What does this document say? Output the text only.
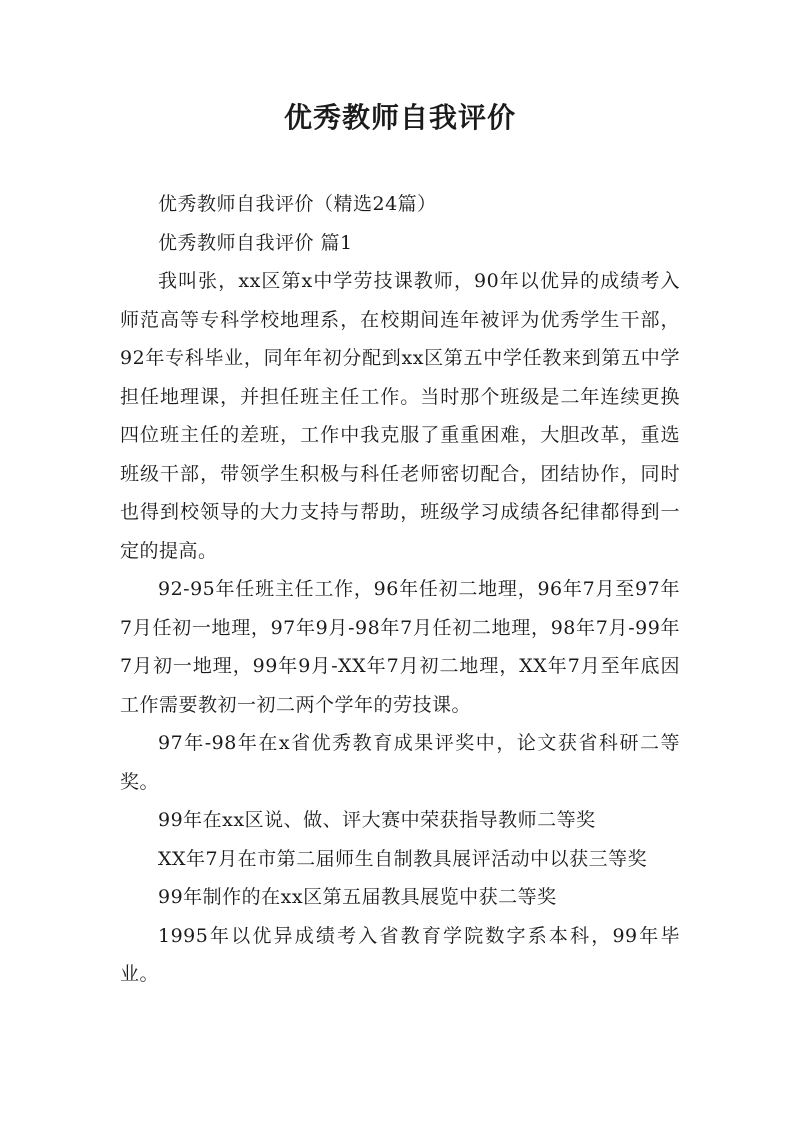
优秀教师自我评价

优秀教师自我评价（精选24篇）

优秀教师自我评价 篇1

我叫张，xx区第x中学劳技课教师，90年以优异的成绩考入师范高等专科学校地理系，在校期间连年被评为优秀学生干部，92年专科毕业，同年年初分配到xx区第五中学任教来到第五中学担任地理课，并担任班主任工作。当时那个班级是二年连续更换四位班主任的差班，工作中我克服了重重困难，大胆改革，重选班级干部，带领学生积极与科任老师密切配合，团结协作，同时也得到校领导的大力支持与帮助，班级学习成绩各纪律都得到一定的提高。

92-95年任班主任工作，96年任初二地理，96年7月至97年7月任初一地理，97年9月-98年7月任初二地理，98年7月-99年7月初一地理，99年9月-XX年7月初二地理，XX年7月至年底因工作需要教初一初二两个学年的劳技课。

97年-98年在x省优秀教育成果评奖中，论文获省科研二等奖。

99年在xx区说、做、评大赛中荣获指导教师二等奖

XX年7月在市第二届师生自制教具展评活动中以获三等奖

99年制作的在xx区第五届教具展览中获二等奖

1995年以优异成绩考入省教育学院数字系本科，99年毕业。
